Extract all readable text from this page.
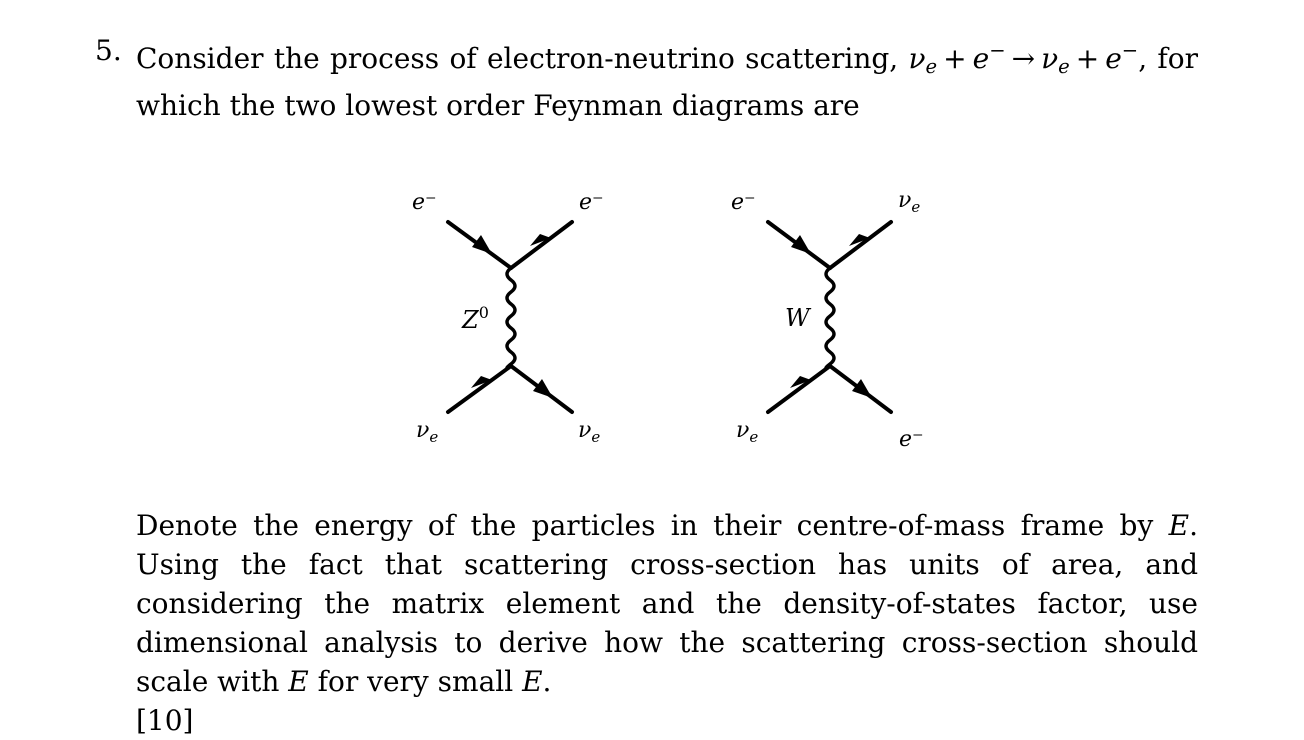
5. Consider the process of electron-neutrino scattering, $\nu_e + e^- \to \nu_e + e^-$, for
which the two lowest order Feynman diagrams are
e⁻	e⁻
$Z^0$
$\nu_e$	$\nu_e$
e⁻	$\nu_e$
W
$\nu_e$	e⁻
Denote the energy of the particles in their centre-of-mass frame by E. Using the fact that scattering cross-section has units of area, and considering the matrix element and the density-of-states factor, use dimensional analysis to derive how the scattering cross-section should scale with E for very small E.
[10]
